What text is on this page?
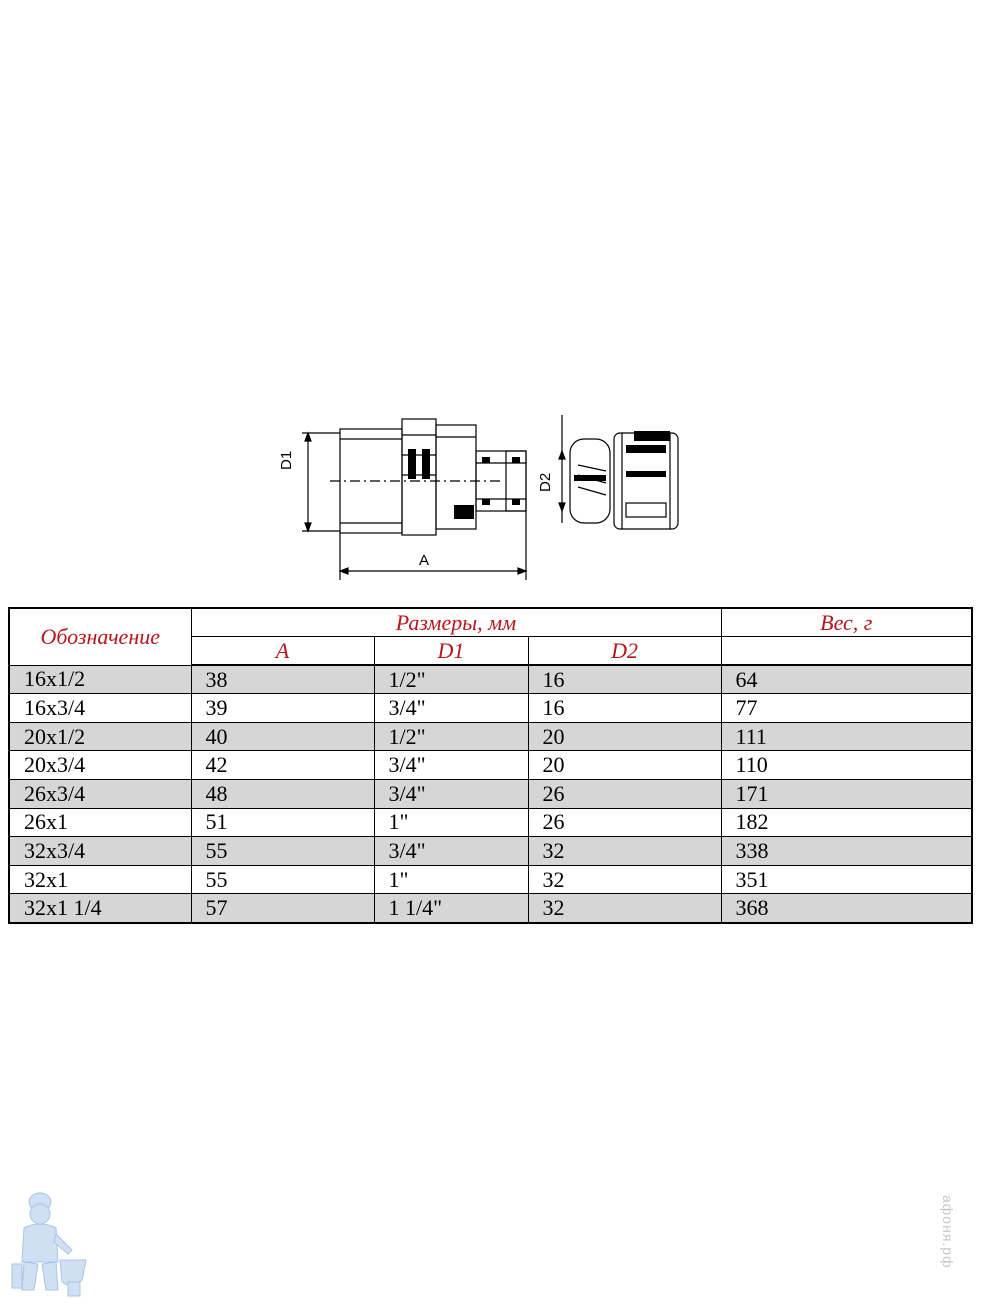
D1
D2
A
Обозначение	Размеры, мм			Вес, г
	A	D1	D2	
16х1/2	38	1/2"	16	64
16х3/4	39	3/4"	16	77
20х1/2	40	1/2"	20	111
20х3/4	42	3/4"	20	110
26х3/4	48	3/4"	26	171
26х1	51	1"	26	182
32х3/4	55	3/4"	32	338
32х1	55	1"	32	351
32х1 1/4	57	1 1/4"	32	368
афоня.рф
